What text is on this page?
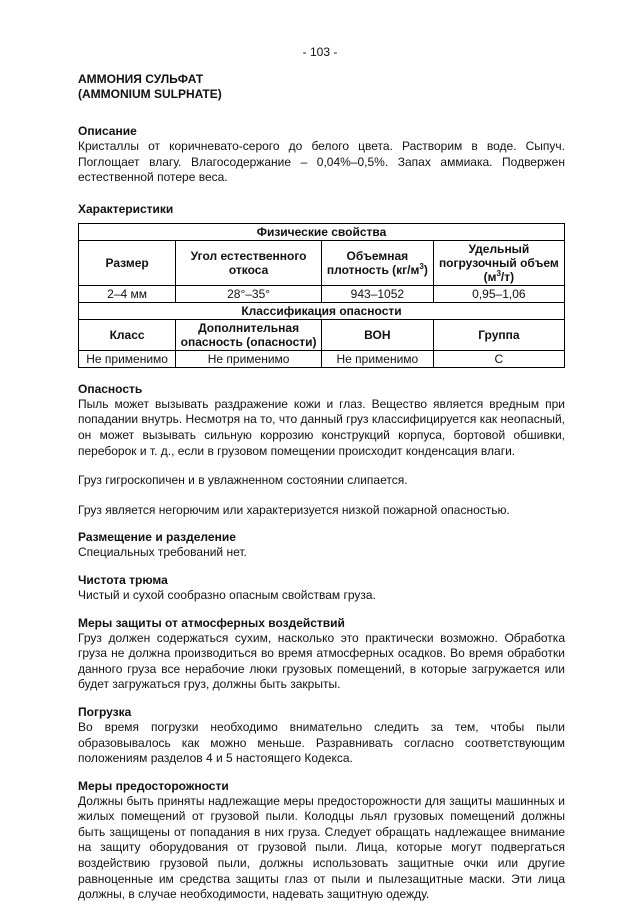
- 103 -
АММОНИЯ СУЛЬФАТ
(AMMONIUM SULPHATE)
Описание

Кристаллы от коричневато-серого до белого цвета. Растворим в воде. Сыпуч. Поглощает влагу. Влагосодержание – 0,04%–0,5%. Запах аммиака. Подвержен естественной потере веса.

Характеристики
Физические свойства			
Размер	Угол естественного откоса	Объемная плотность $(кг/м^3)$	Удельный погрузочный объем $(м^3/т)$
2–4 мм	28°–35°	943–1052	0,95–1,06
Классификация опасности			
Класс	Дополнительная опасность (опасности)	ВОН	Группа
Не применимо	Не применимо	Не применимо	C
Опасность

Пыль может вызывать раздражение кожи и глаз. Вещество является вредным при попадании внутрь. Несмотря на то, что данный груз классифицируется как неопасный, он может вызывать сильную коррозию конструкций корпуса, бортовой обшивки, переборок и т. д., если в грузовом помещении происходит конденсация влаги.

Груз гигроскопичен и в увлажненном состоянии слипается.

Груз является негорючим или характеризуется низкой пожарной опасностью.

Размещение и разделение

Специальных требований нет.

Чистота трюма

Чистый и сухой сообразно опасным свойствам груза.

Меры защиты от атмосферных воздействий

Груз должен содержаться сухим, насколько это практически возможно. Обработка груза не должна производиться во время атмосферных осадков. Во время обработки данного груза все нерабочие люки грузовых помещений, в которые загружается или будет загружаться груз, должны быть закрыты.

Погрузка

Во время погрузки необходимо внимательно следить за тем, чтобы пыли образовывалось как можно меньше. Разравнивать согласно соответствующим положениям разделов 4 и 5 настоящего Кодекса.

Меры предосторожности

Должны быть приняты надлежащие меры предосторожности для защиты машинных и жилых помещений от грузовой пыли. Колодцы льял грузовых помещений должны быть защищены от попадания в них груза. Следует обращать надлежащее внимание на защиту оборудования от грузовой пыли. Лица, которые могут подвергаться воздействию грузовой пыли, должны использовать защитные очки или другие равноценные им средства защиты глаз от пыли и пылезащитные маски. Эти лица должны, в случае необходимости, надевать защитную одежду.
